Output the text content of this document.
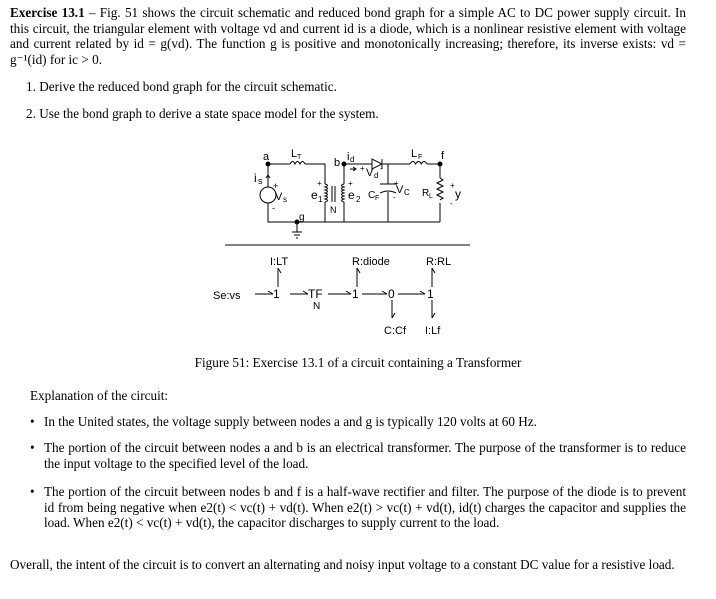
Exercise 13.1 – Fig. 51 shows the circuit schematic and reduced bond graph for a simple AC to DC power supply circuit. In this circuit, the triangular element with voltage vd and current id is a diode, which is a nonlinear resistive element with voltage and current related by id = g(vd). The function g is positive and monotonically increasing; therefore, its inverse exists: vd = g⁻¹(id) for ic > 0.
1. Derive the reduced bond graph for the circuit schematic.
2. Use the bond graph to derive a state space model for the system.
a L T	b i d	L F f
i s
V s
+
-
e 1
+
e 2
+
N
V d
+ -
C F
V C
+
-	R L y
+
-
g
Se:vs	1
I:LT
TF
N
1
R:diode
0
C:Cf
1
R:RL
I:Lf
Figure 51: Exercise 13.1 of a circuit containing a Transformer
Explanation of the circuit:
• In the United states, the voltage supply between nodes a and g is typically 120 volts at 60 Hz.
• The portion of the circuit between nodes a and b is an electrical transformer. The purpose of the transformer is to reduce the input voltage to the specified level of the load.
• The portion of the circuit between nodes b and f is a half-wave rectifier and filter. The purpose of the diode is to prevent id from being negative when e2(t) < vc(t) + vd(t). When e2(t) > vc(t) + vd(t), id(t) charges the capacitor and supplies the load. When e2(t) < vc(t) + vd(t), the capacitor discharges to supply current to the load.
Overall, the intent of the circuit is to convert an alternating and noisy input voltage to a constant DC value for a resistive load.
